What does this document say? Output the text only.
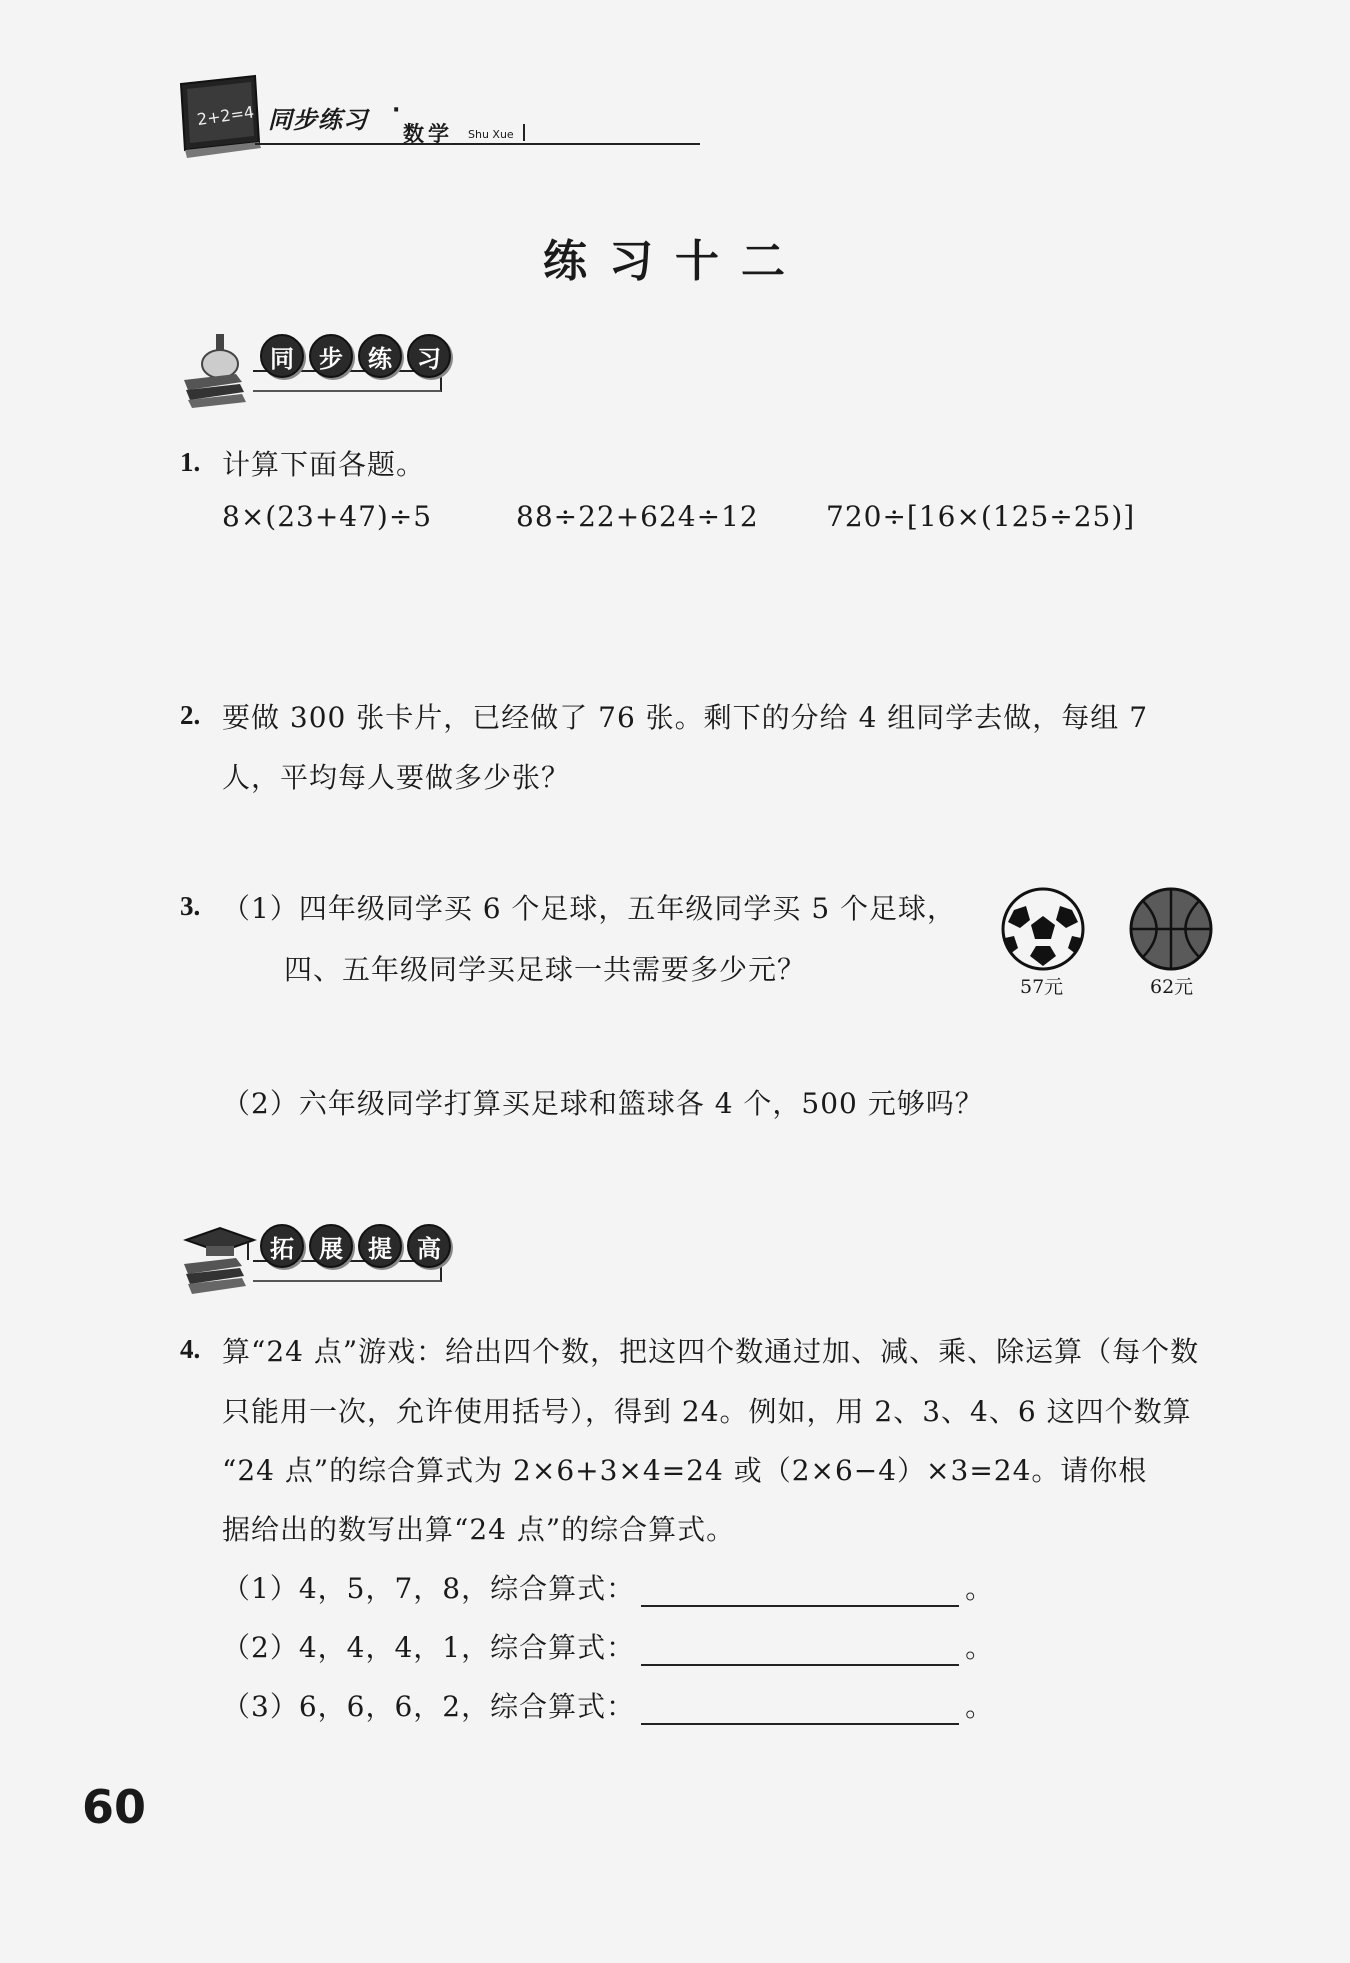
2+2=4 同步练习 ·
数学 Shu Xue
练习十二
同	步	练	习
1. 计算下面各题。
8×(23+47)÷5	88÷22+624÷12 720÷[16×(125÷25)]
2. 要做 300 张卡片，已经做了 76 张。剩下的分给 4 组同学去做，每组 7
人，平均每人要做多少张？
3. （1）四年级同学买 6 个足球，五年级同学买 5 个足球，
四、五年级同学买足球一共需要多少元？
57元	62元
（2）六年级同学打算买足球和篮球各 4 个，500 元够吗？
拓	展	提	高
4. 算“24 点”游戏：给出四个数，把这四个数通过加、减、乘、除运算（每个数
只能用一次，允许使用括号），得到 24。例如，用 2、3、4、6 这四个数算
“24 点”的综合算式为 2×6+3×4=24 或（2×6−4）×3=24。请你根
据给出的数写出算“24 点”的综合算式。
（1）4，5，7，8，综合算式：	。
（2）4，4，4，1，综合算式：	。
（3）6，6，6，2，综合算式：	。
60
